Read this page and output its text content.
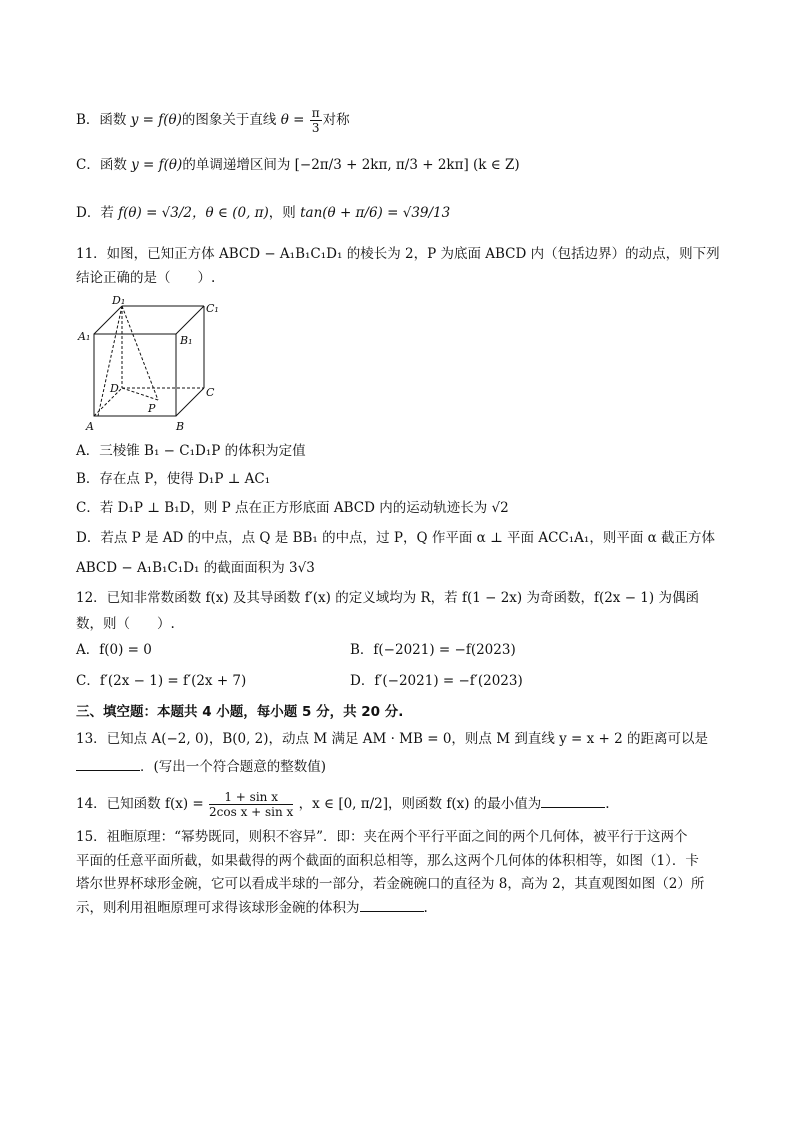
B．函数 y = f(θ)的图象关于直线 $\theta = \frac{\pi}{3}$ 对称
C．函数 y = f(θ)的单调递增区间为 [−2π/3 + 2kπ, π/3 + 2kπ] (k ∈ Z)
D．若 f(θ) = √3/2，θ ∈ (0, π)，则 tan(θ + π/6) = √39/13
11．如图，已知正方体 ABCD − A₁B₁C₁D₁ 的棱长为 2，P 为底面 ABCD 内（包括边界）的动点，则下列
结论正确的是（　　）.
D₁
C₁
A₁	B₁
D	C
P
A	B
A．三棱锥 B₁ − C₁D₁P 的体积为定值
B．存在点 P，使得 D₁P ⊥ AC₁
C．若 D₁P ⊥ B₁D，则 P 点在正方形底面 ABCD 内的运动轨迹长为 √2
D．若点 P 是 AD 的中点，点 Q 是 BB₁ 的中点，过 P，Q 作平面 α ⊥ 平面 ACC₁A₁，则平面 α 截正方体
ABCD − A₁B₁C₁D₁ 的截面面积为 3√3
12．已知非常数函数 f(x) 及其导函数 f′(x) 的定义域均为 R，若 f(1 − 2x) 为奇函数，f(2x − 1) 为偶函
数，则（　　）.
A．f(0) = 0	B．f(−2021) = −f(2023)
C．f′(2x − 1) = f′(2x + 7)	D．f′(−2021) = −f′(2023)
三、填空题：本题共 4 小题，每小题 5 分，共 20 分.
13．已知点 A(−2, 0)，B(0, 2)，动点 M 满足 AM · MB = 0，则点 M 到直线 y = x + 2 的距离可以是
．(写出一个符合题意的整数值)
14．已知函数 $f(x) = \frac{\text{1 + sin x}}{\text{2cos x + sin x}}$ ，x ∈ [0, π/2]，则函数 f(x) 的最小值为	.
15．祖暅原理：“幂势既同，则积不容异”．即：夹在两个平行平面之间的两个几何体，被平行于这两个
平面的任意平面所截，如果截得的两个截面的面积总相等，那么这两个几何体的体积相等，如图（1）．卡
塔尔世界杯球形金碗，它可以看成半球的一部分，若金碗碗口的直径为 8，高为 2，其直观图如图（2）所
示，则利用祖暅原理可求得该球形金碗的体积为	.
